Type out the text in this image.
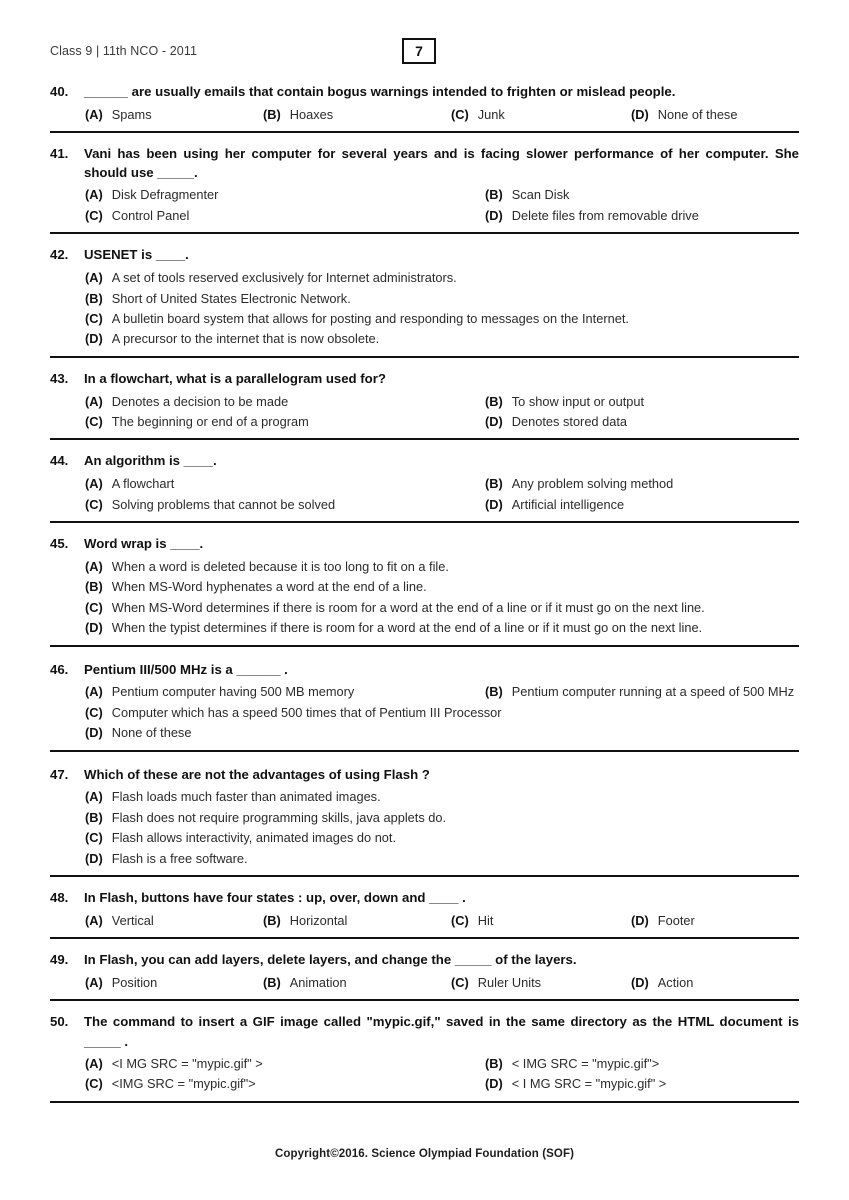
Class 9 | 11th NCO - 2011	7
40.	______ are usually emails that contain bogus warnings intended to frighten or mislead people.
(A) Spams	(B) Hoaxes	(C) Junk	(D) None of these
41.	Vani has been using her computer for several years and is facing slower performance of her computer. She should use _____.
(A) Disk Defragmenter	(B) Scan Disk
(C) Control Panel	(D) Delete files from removable drive
42.	USENET is ____.
(A) A set of tools reserved exclusively for Internet administrators.
(B) Short of United States Electronic Network.
(C) A bulletin board system that allows for posting and responding to messages on the Internet.
(D) A precursor to the internet that is now obsolete.
43.	In a flowchart, what is a parallelogram used for?
(A) Denotes a decision to be made	(B) To show input or output
(C) The beginning or end of a program	(D) Denotes stored data
44.	An algorithm is ____.
(A) A flowchart	(B) Any problem solving method
(C) Solving problems that cannot be solved	(D) Artificial intelligence
45.	Word wrap is ____.
(A) When a word is deleted because it is too long to fit on a file.
(B) When MS-Word hyphenates a word at the end of a line.
(C) When MS-Word determines if there is room for a word at the end of a line or if it must go on the next line.
(D) When the typist determines if there is room for a word at the end of a line or if it must go on the next line.
46.	Pentium III/500 MHz is a ______ .
(A) Pentium computer having 500 MB memory	(B) Pentium computer running at a speed of 500 MHz
(C) Computer which has a speed 500 times that of Pentium III Processor
(D) None of these
47.	Which of these are not the advantages of using Flash ?
(A) Flash loads much faster than animated images.
(B) Flash does not require programming skills, java applets do.
(C) Flash allows interactivity, animated images do not.
(D) Flash is a free software.
48.	In Flash, buttons have four states : up, over, down and ____ .
(A) Vertical	(B) Horizontal	(C) Hit	(D) Footer
49.	In Flash, you can add layers, delete layers, and change the _____ of the layers.
(A) Position	(B) Animation	(C) Ruler Units	(D) Action
50.	The command to insert a GIF image called "mypic.gif," saved in the same directory as the HTML document is _____ .
(A) <I MG SRC = "mypic.gif" >	(B) < IMG SRC = "mypic.gif">
(C) <IMG SRC = "mypic.gif">	(D) < I MG SRC = "mypic.gif" >
Copyright©2016. Science Olympiad Foundation (SOF)
